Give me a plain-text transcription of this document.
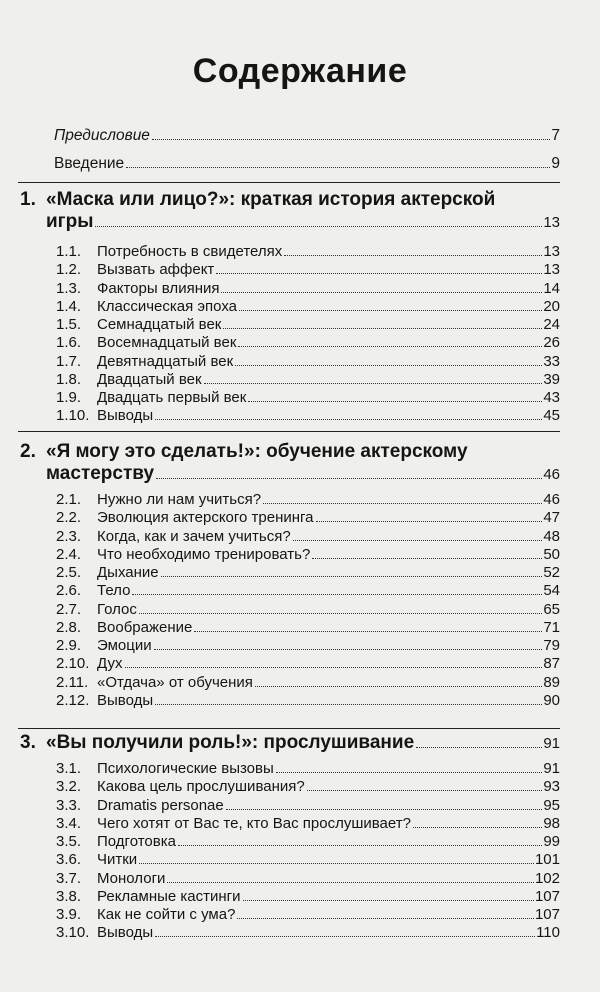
Содержание
Предисловие	7
Введение	9
1. «Маска или лицо?»: краткая история актерской
игры	13
1.1.	Потребность в свидетелях	13
1.2.	Вызвать аффект	13
1.3.	Факторы влияния	14
1.4.	Классическая эпоха	20
1.5.	Семнадцатый век	24
1.6.	Восемнадцатый век	26
1.7.	Девятнадцатый век	33
1.8.	Двадцатый век	39
1.9.	Двадцать первый век	43
1.10. Выводы	45
2. «Я могу это сделать!»: обучение актерскому
мастерству	46
2.1.	Нужно ли нам учиться?	46
2.2.	Эволюция актерского тренинга	47
2.3.	Когда, как и зачем учиться?	48
2.4.	Что необходимо тренировать?	50
2.5.	Дыхание	52
2.6.	Тело	54
2.7.	Голос	65
2.8.	Воображение	71
2.9.	Эмоции	79
2.10. Дух	87
2.11. «Отдача» от обучения	89
2.12. Выводы	90
3. «Вы получили роль!»: прослушивание	91
3.1.	Психологические вызовы	91
3.2.	Какова цель прослушивания?	93
3.3.	Dramatis personae	95
3.4.	Чего хотят от Вас те, кто Вас прослушивает?	98
3.5.	Подготовка	99
3.6.	Читки	101
3.7.	Монологи	102
3.8.	Рекламные кастинги	107
3.9.	Как не сойти с ума?	107
3.10. Выводы	110
